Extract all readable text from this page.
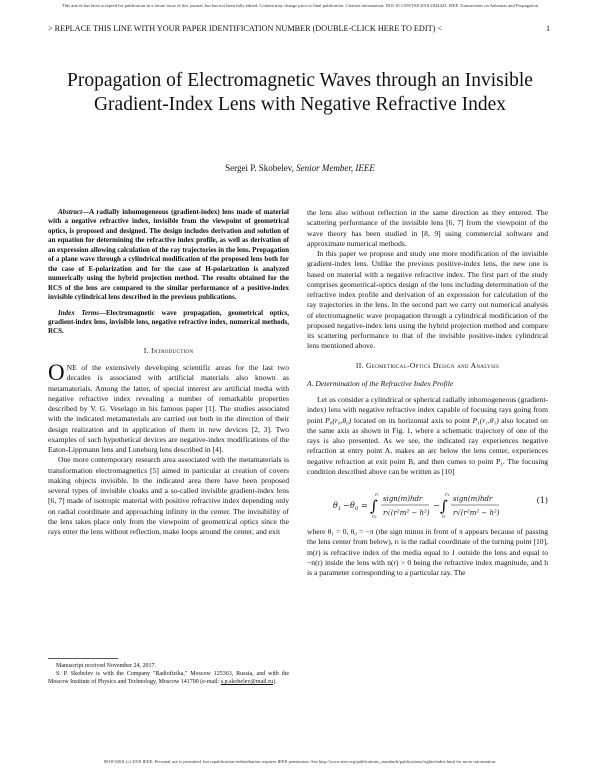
This article has been accepted for publication in a future issue of this journal, but has not been fully edited. Content may change prior to final publication. Citation information: DOI 10.1109/TAP.2018.2844443, IEEE Transactions on Antennas and Propagation
> REPLACE THIS LINE WITH YOUR PAPER IDENTIFICATION NUMBER (DOUBLE-CLICK HERE TO EDIT) <	1
Propagation of Electromagnetic Waves through an Invisible Gradient-Index Lens with Negative Refractive Index
Sergei P. Skobelev, Senior Member, IEEE

Abstract—A radially inhomogeneous (gradient-index) lens made of material with a negative refractive index, invisible from the viewpoint of geometrical optics, is proposed and designed. The design includes derivation and solution of an equation for determining the refractive index profile, as well as derivation of an expression allowing calculation of the ray trajectories in the lens. Propagation of a plane wave through a cylindrical modification of the proposed lens both for the case of E-polarization and for the case of H-polarization is analyzed numerically using the hybrid projection method. The results obtained for the RCS of the lens are compared to the similar performance of a positive-index invisible cylindrical lens described in the previous publications.

Index Terms—Electromagnetic wave propagation, geometrical optics, gradient-index lens, invisible lens, negative refractive index, numerical methods, RCS.

I. Introduction

ONE of the extensively developing scientific areas for the last two decades is associated with artificial materials also known as metamaterials. Among the latter, of special interest are artificial media with negative refractive index revealing a number of remarkable properties described by V. G. Veselago in his famous paper [1]. The studies associated with the indicated metamaterials are carried out both in the direction of their design realization and in application of them in new devices [2, 3]. Two examples of such hypothetical devices are negative-index modifications of the Eaton-Lippmann lens and Luneburg lens described in [4].

One more contemporary research area associated with the metamaterials is transformation electromagnetics [5] aimed in particular at creation of covers making objects invisible. In the indicated area there have been proposed several types of invisible cloaks and a so-called invisible gradient-index lens [6, 7] made of isotropic material with positive refractive index depending only on radial coordinate and approaching infinity in the center. The invisibility of the lens takes place only from the viewpoint of geometrical optics since the rays enter the lens without reflection, make loops around the center, and exit

the lens also without reflection in the same direction as they entered. The scattering performance of the invisible lens [6, 7] from the viewpoint of the wave theory has been studied in [8, 9] using commercial software and approximate numerical methods.

In this paper we propose and study one more modification of the invisible gradient-index lens. Unlike the previous positive-index lens, the new one is based on material with a negative refractive index. The first part of the study comprises geometrical-optics design of the lens including determination of the refractive index profile and derivation of an expression for calculation of the ray trajectories in the lens. In the second part we carry out numerical analysis of electromagnetic wave propagation through a cylindrical modification of the proposed negative-index lens using the hybrid projection method and compare its scattering performance to that of the invisible positive-index cylindrical lens mentioned above.

II. Geometrical-Optics Design and Analysis
A. Determination of the Refractive Index Profile

Let us consider a cylindrical or spherical radially inhomogeneous (gradient-index) lens with negative refractive index capable of focusing rays going from point P₀(r₀,θ₀) located on its horizontal axis to point P₁(r₁,θ₁) also located on the same axis as shown in Fig. 1, where a schematic trajectory of one of the rays is also presented. As we see, the indicated ray experiences negative refraction at entry point A, makes an arc below the lens center, experiences negative refraction at exit point B, and then comes to point P₁. The focusing condition described above can be written as [10]

θ 1 − θ 0 = ∫
rₜ
r₀
sign(m)hdr
r√(r²m² − h²)
− ∫
r₁
rₜ
sign(m)hdr
r√(r²m² − h²)
(1)

where θ₁ = 0, θ₀ = −π (the sign minus in front of π appears because of passing the lens center from below), rₜ is the radial coordinate of the turning point [10], m(r) is refractive index of the media equal to 1 outside the lens and equal to −n(r) inside the lens with n(r) > 0 being the refractive index magnitude, and h is a parameter corresponding to a particular ray. The

Manuscript received November 24, 2017.

S. P. Skobelev is with the Company "Radiofizika," Moscow 125363, Russia, and with the Moscow Institute of Physics and Technology, Moscow 141700 (e-mail: s.p.skobelev@mail.ru).

0018-926X (c) 2018 IEEE. Personal use is permitted, but republication/redistribution requires IEEE permission. See http://www.ieee.org/publications_standards/publications/rights/index.html for more information.
